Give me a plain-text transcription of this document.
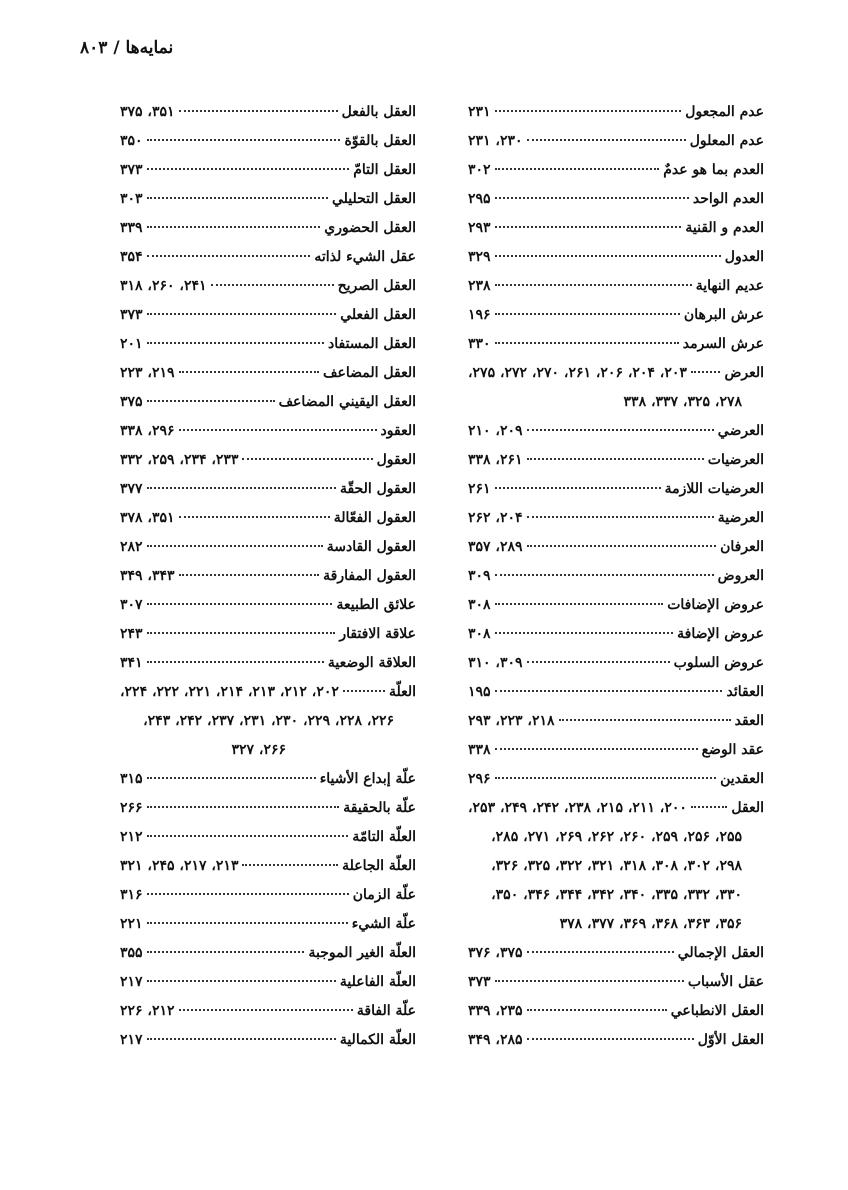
نمايه‌ها / ۸۰۳
عدم المجعول
۲۳۱
عدم المعلول
۲۳۰، ۲۳۱
العدم بما هو عدمٌ
۳۰۲
العدم الواحد
۲۹۵
العدم و القنية
۲۹۳
العدول
۳۲۹
عديم النهاية
۲۳۸
عرش البرهان
۱۹۶
عرش السرمد
۳۳۰
العرض
۲۰۳، ۲۰۴، ۲۰۶، ۲۶۱، ۲۷۰، ۲۷۲، ۲۷۵،
۲۷۸، ۳۲۵، ۳۳۷، ۳۳۸
العرضي
۲۰۹، ۲۱۰
العرضيات
۲۶۱، ۳۳۸
العرضيات اللازمة
۲۶۱
العرضية
۲۰۴، ۲۶۲
العرفان
۲۸۹، ۳۵۷
العروض
۳۰۹
عروض الإضافات
۳۰۸
عروض الإضافة
۳۰۸
عروض السلوب
۳۰۹، ۳۱۰
العقائد
۱۹۵
العقد
۲۱۸، ۲۲۳، ۲۹۳
عقد الوضع
۳۳۸
العقدين
۲۹۶
العقل
۲۰۰، ۲۱۱، ۲۱۵، ۲۳۸، ۲۴۲، ۲۴۹، ۲۵۳،
۲۵۵، ۲۵۶، ۲۵۹، ۲۶۰، ۲۶۲، ۲۶۹، ۲۷۱، ۲۸۵،
۲۹۸، ۳۰۲، ۳۰۸، ۳۱۸، ۳۲۱، ۳۲۲، ۳۲۵، ۳۲۶،
۳۳۰، ۳۳۲، ۳۳۵، ۳۴۰، ۳۴۲، ۳۴۴، ۳۴۶، ۳۵۰،
۳۵۶، ۳۶۳، ۳۶۸، ۳۶۹، ۳۷۷، ۳۷۸
العقل الإجمالي
۳۷۵، ۳۷۶
عقل الأسباب
۳۷۳
العقل الانطباعي
۲۳۵، ۳۳۹
العقل الأوّل
۲۸۵، ۳۴۹
العقل بالفعل
۳۵۱، ۳۷۵
العقل بالقوّة
۳۵۰
العقل التامّ
۳۷۳
العقل التحليلي
۳۰۳
العقل الحضوري
۳۳۹
عقل الشيء لذاته
۳۵۴
العقل الصريح
۲۴۱، ۲۶۰، ۳۱۸
العقل الفعلي
۳۷۳
العقل المستفاد
۲۰۱
العقل المضاعف
۲۱۹، ۲۲۳
العقل اليقيني المضاعف
۳۷۵
العقود
۲۹۶، ۳۳۸
العقول
۲۳۳، ۲۳۴، ۲۵۹، ۳۳۲
العقول الحقّة
۳۷۷
العقول الفعّالة
۳۵۱، ۳۷۸
العقول القادسة
۲۸۲
العقول المفارقة
۳۴۳، ۳۴۹
علائق الطبيعة
۳۰۷
علاقة الافتقار
۲۴۳
العلاقة الوضعية
۳۴۱
العلّة
۲۰۲، ۲۱۲، ۲۱۳، ۲۱۴، ۲۲۱، ۲۲۲، ۲۲۴،
۲۲۶، ۲۲۸، ۲۲۹، ۲۳۰، ۲۳۱، ۲۳۷، ۲۴۲، ۲۴۳،
۲۶۶، ۳۲۷
علّة إبداع الأشياء
۳۱۵
علّة بالحقيقة
۲۶۶
العلّة التامّة
۲۱۲
العلّة الجاعلة
۲۱۳، ۲۱۷، ۲۴۵، ۳۲۱
علّة الزمان
۳۱۶
علّة الشيء
۲۲۱
العلّة الغير الموجبة
۳۵۵
العلّة الفاعلية
۲۱۷
علّة الفاقة
۲۱۲، ۲۲۶
العلّة الكمالية
۲۱۷
